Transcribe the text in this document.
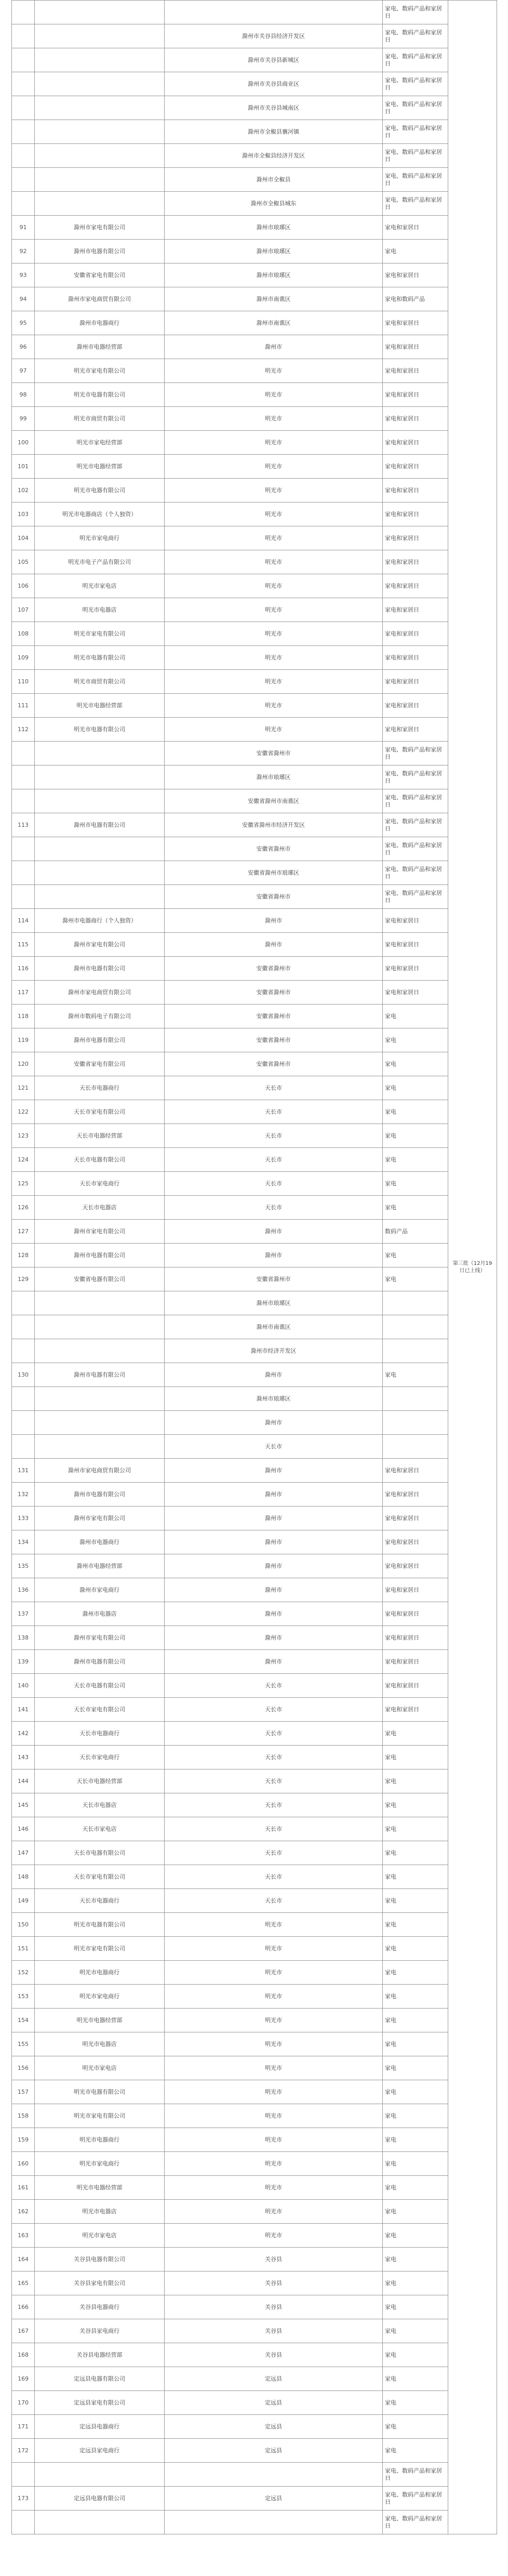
			家电、数码产品和家居日	第三批（12月19日已上线）
		滁州市关谷县经济开发区	家电、数码产品和家居日	
		滁州市关谷县新城区	家电、数码产品和家居日	
		滁州市关谷县商业区	家电、数码产品和家居日	
		滁州市关谷县城南区	家电、数码产品和家居日	
		滁州市全椒县襄河镇	家电、数码产品和家居日	
		滁州市全椒县经济开发区	家电、数码产品和家居日	
		滁州市全椒县	家电、数码产品和家居日	
		滁州市全椒县城东	家电、数码产品和家居日	
91	滁州市家电有限公司	滁州市琅琊区	家电和家居日	
92	滁州市电器有限公司	滁州市琅琊区	家电	
93	安徽省家电有限公司	滁州市琅琊区	家电和家居日	
94	滁州市家电商贸有限公司	滁州市南谯区	家电和数码产品	
95	滁州市电器商行	滁州市南谯区	家电和家居日	
96	滁州市电器经营部	滁州市	家电和家居日	
97	明光市家电有限公司	明光市	家电和家居日	
98	明光市电器有限公司	明光市	家电和家居日	
99	明光市商贸有限公司	明光市	家电和家居日	
100	明光市家电经营部	明光市	家电和家居日	
101	明光市电器经营部	明光市	家电和家居日	
102	明光市电器有限公司	明光市	家电和家居日	
103	明光市电器商店（个人独资）	明光市	家电和家居日	
104	明光市家电商行	明光市	家电和家居日	
105	明光市电子产品有限公司	明光市	家电和家居日	
106	明光市家电店	明光市	家电和家居日	
107	明光市电器店	明光市	家电和家居日	
108	明光市家电有限公司	明光市	家电和家居日	
109	明光市电器有限公司	明光市	家电和家居日	
110	明光市商贸有限公司	明光市	家电和家居日	
111	明光市电器经营部	明光市	家电和家居日	
112	明光市电器有限公司	明光市	家电和家居日	
		安徽省滁州市	家电、数码产品和家居日	
		滁州市琅琊区	家电、数码产品和家居日	
		安徽省滁州市南谯区	家电、数码产品和家居日	
113	滁州市电器有限公司	安徽省滁州市经济开发区	家电、数码产品和家居日	
		安徽省滁州市	家电、数码产品和家居日	
		安徽省滁州市琅琊区	家电、数码产品和家居日	
		安徽省滁州市	家电、数码产品和家居日	
114	滁州市电器商行（个人独资）	滁州市	家电和家居日	
115	滁州市家电有限公司	滁州市	家电和家居日	
116	滁州市电器有限公司	安徽省滁州市	家电和家居日	
117	滁州市家电商贸有限公司	安徽省滁州市	家电和家居日	
118	滁州市数码电子有限公司	安徽省滁州市	家电	
119	滁州市电器有限公司	安徽省滁州市	家电	
120	安徽省家电有限公司	安徽省滁州市	家电	
121	天长市电器商行	天长市	家电	
122	天长市家电有限公司	天长市	家电	
123	天长市电器经营部	天长市	家电	
124	天长市电器有限公司	天长市	家电	
125	天长市家电商行	天长市	家电	
126	天长市电器店	天长市	家电	
127	滁州市家电有限公司	滁州市	数码产品	
128	滁州市电器有限公司	滁州市	家电	
129	安徽省电器有限公司	安徽省滁州市	家电	
		滁州市琅琊区		
		滁州市南谯区		
		滁州市经济开发区		
130	滁州市电器有限公司	滁州市	家电	
		滁州市琅琊区		
		滁州市		
		天长市		
131	滁州市家电商贸有限公司	滁州市	家电和家居日	
132	滁州市电器有限公司	滁州市	家电和家居日	
133	滁州市家电有限公司	滁州市	家电和家居日	
134	滁州市电器商行	滁州市	家电和家居日	
135	滁州市电器经营部	滁州市	家电和家居日	
136	滁州市家电商行	滁州市	家电和家居日	
137	滁州市电器店	滁州市	家电和家居日	
138	滁州市家电有限公司	滁州市	家电和家居日	
139	滁州市电器有限公司	滁州市	家电和家居日	
140	天长市电器有限公司	天长市	家电和家居日	
141	天长市家电有限公司	天长市	家电和家居日	
142	天长市电器商行	天长市	家电	
143	天长市家电商行	天长市	家电	
144	天长市电器经营部	天长市	家电	
145	天长市电器店	天长市	家电	
146	天长市家电店	天长市	家电	
147	天长市电器有限公司	天长市	家电	
148	天长市家电有限公司	天长市	家电	
149	天长市电器商行	天长市	家电	
150	明光市电器有限公司	明光市	家电	
151	明光市家电有限公司	明光市	家电	
152	明光市电器商行	明光市	家电	
153	明光市家电商行	明光市	家电	
154	明光市电器经营部	明光市	家电	
155	明光市电器店	明光市	家电	
156	明光市家电店	明光市	家电	
157	明光市电器有限公司	明光市	家电	
158	明光市家电有限公司	明光市	家电	
159	明光市电器商行	明光市	家电	
160	明光市家电商行	明光市	家电	
161	明光市电器经营部	明光市	家电	
162	明光市电器店	明光市	家电	
163	明光市家电店	明光市	家电	
164	关谷县电器有限公司	关谷县	家电	
165	关谷县家电有限公司	关谷县	家电	
166	关谷县电器商行	关谷县	家电	
167	关谷县家电商行	关谷县	家电	
168	关谷县电器经营部	关谷县	家电	
169	定远县电器有限公司	定远县	家电	
170	定远县家电有限公司	定远县	家电	
171	定远县电器商行	定远县	家电	
172	定远县家电商行	定远县	家电	
			家电、数码产品和家居日	
173	定远县电器有限公司	定远县	家电、数码产品和家居日	
			家电、数码产品和家居日	
